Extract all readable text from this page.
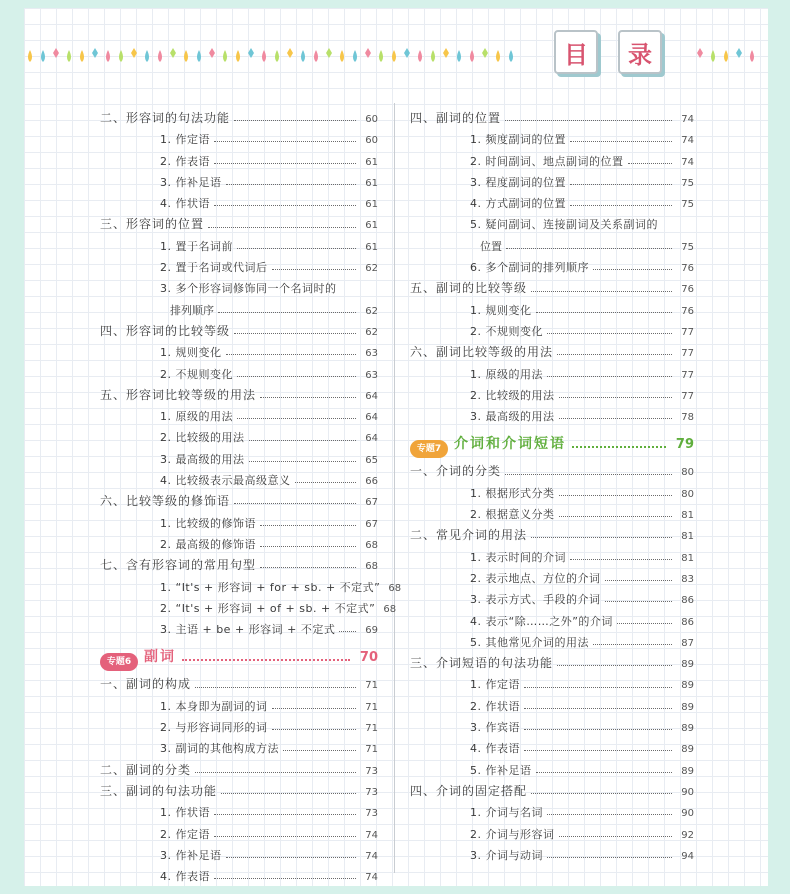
目	录
二、形容词的句法功能	60
1. 作定语	60
2. 作表语	61
3. 作补足语	61
4. 作状语	61
三、形容词的位置	61
1. 置于名词前	61
2. 置于名词或代词后	62
3. 多个形容词修饰同一个名词时的
排列顺序	62
四、形容词的比较等级	62
1. 规则变化	63
2. 不规则变化	63
五、形容词比较等级的用法	64
1. 原级的用法	64
2. 比较级的用法	64
3. 最高级的用法	65
4. 比较级表示最高级意义	66
六、比较等级的修饰语	67
1. 比较级的修饰语	67
2. 最高级的修饰语	68
七、含有形容词的常用句型	68
1. “It's + 形容词 + for + sb. + 不定式” 68
2. “It's + 形容词 + of + sb. + 不定式” 68
3. 主语 + be + 形容词 + 不定式	69
专题6 副词	70
一、副词的构成	71
1. 本身即为副词的词	71
2. 与形容词同形的词	71
3. 副词的其他构成方法	71
二、副词的分类	73
三、副词的句法功能	73
1. 作状语	73
2. 作定语	74
3. 作补足语	74
4. 作表语	74
四、副词的位置	74
1. 频度副词的位置	74
2. 时间副词、地点副词的位置	74
3. 程度副词的位置	75
4. 方式副词的位置	75
5. 疑问副词、连接副词及关系副词的
位置	75
6. 多个副词的排列顺序	76
五、副词的比较等级	76
1. 规则变化	76
2. 不规则变化	77
六、副词比较等级的用法	77
1. 原级的用法	77
2. 比较级的用法	77
3. 最高级的用法	78
专题7 介词和介词短语	79
一、介词的分类	80
1. 根据形式分类	80
2. 根据意义分类	81
二、常见介词的用法	81
1. 表示时间的介词	81
2. 表示地点、方位的介词	83
3. 表示方式、手段的介词	86
4. 表示“除……之外”的介词	86
5. 其他常见介词的用法	87
三、介词短语的句法功能	89
1. 作定语	89
2. 作状语	89
3. 作宾语	89
4. 作表语	89
5. 作补足语	89
四、介词的固定搭配	90
1. 介词与名词	90
2. 介词与形容词	92
3. 介词与动词	94
